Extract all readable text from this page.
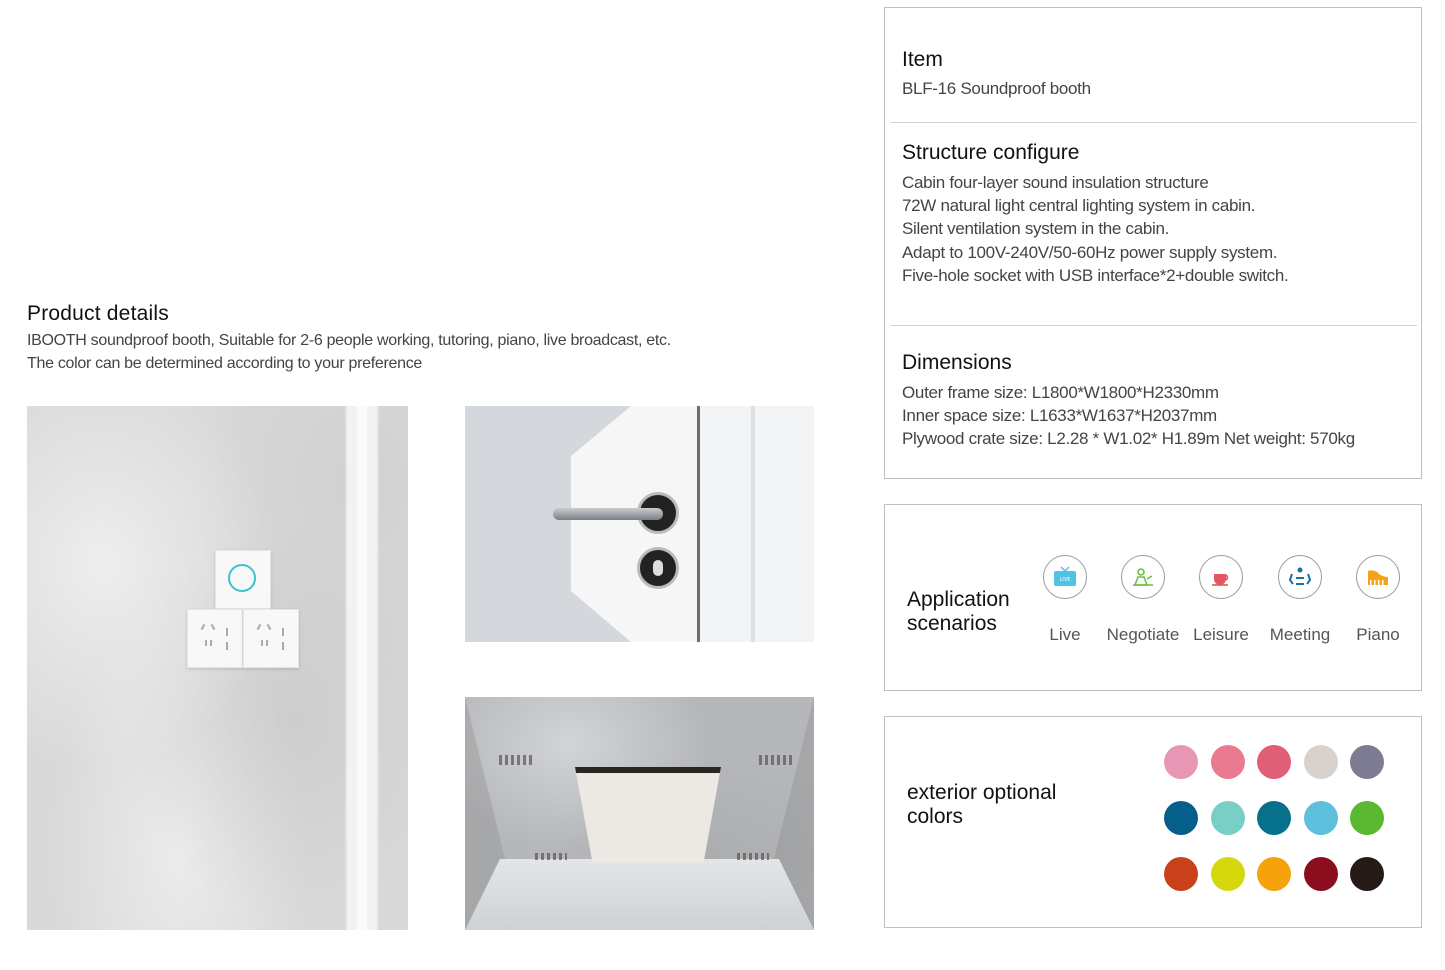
Product details
IBOOTH soundproof booth, Suitable for 2-6 people working, tutoring, piano, live broadcast, etc.
The color can be determined according to your preference
Item
BLF-16 Soundproof booth
Structure configure
Cabin four-layer sound insulation structure
72W natural light central lighting system in cabin.
Silent ventilation system in the cabin.
Adapt to 100V-240V/50-60Hz power supply system.
Five-hole socket with USB interface*2+double switch.
Dimensions
Outer frame size: L1800*W1800*H2330mm
Inner space size: L1633*W1637*H2037mm
Plywood crate size: L2.28 * W1.02* H1.89m Net weight: 570kg
Application
scenarios
LIVE
Live	Negotiate Leisure	Meeting	Piano
exterior optional
colors
